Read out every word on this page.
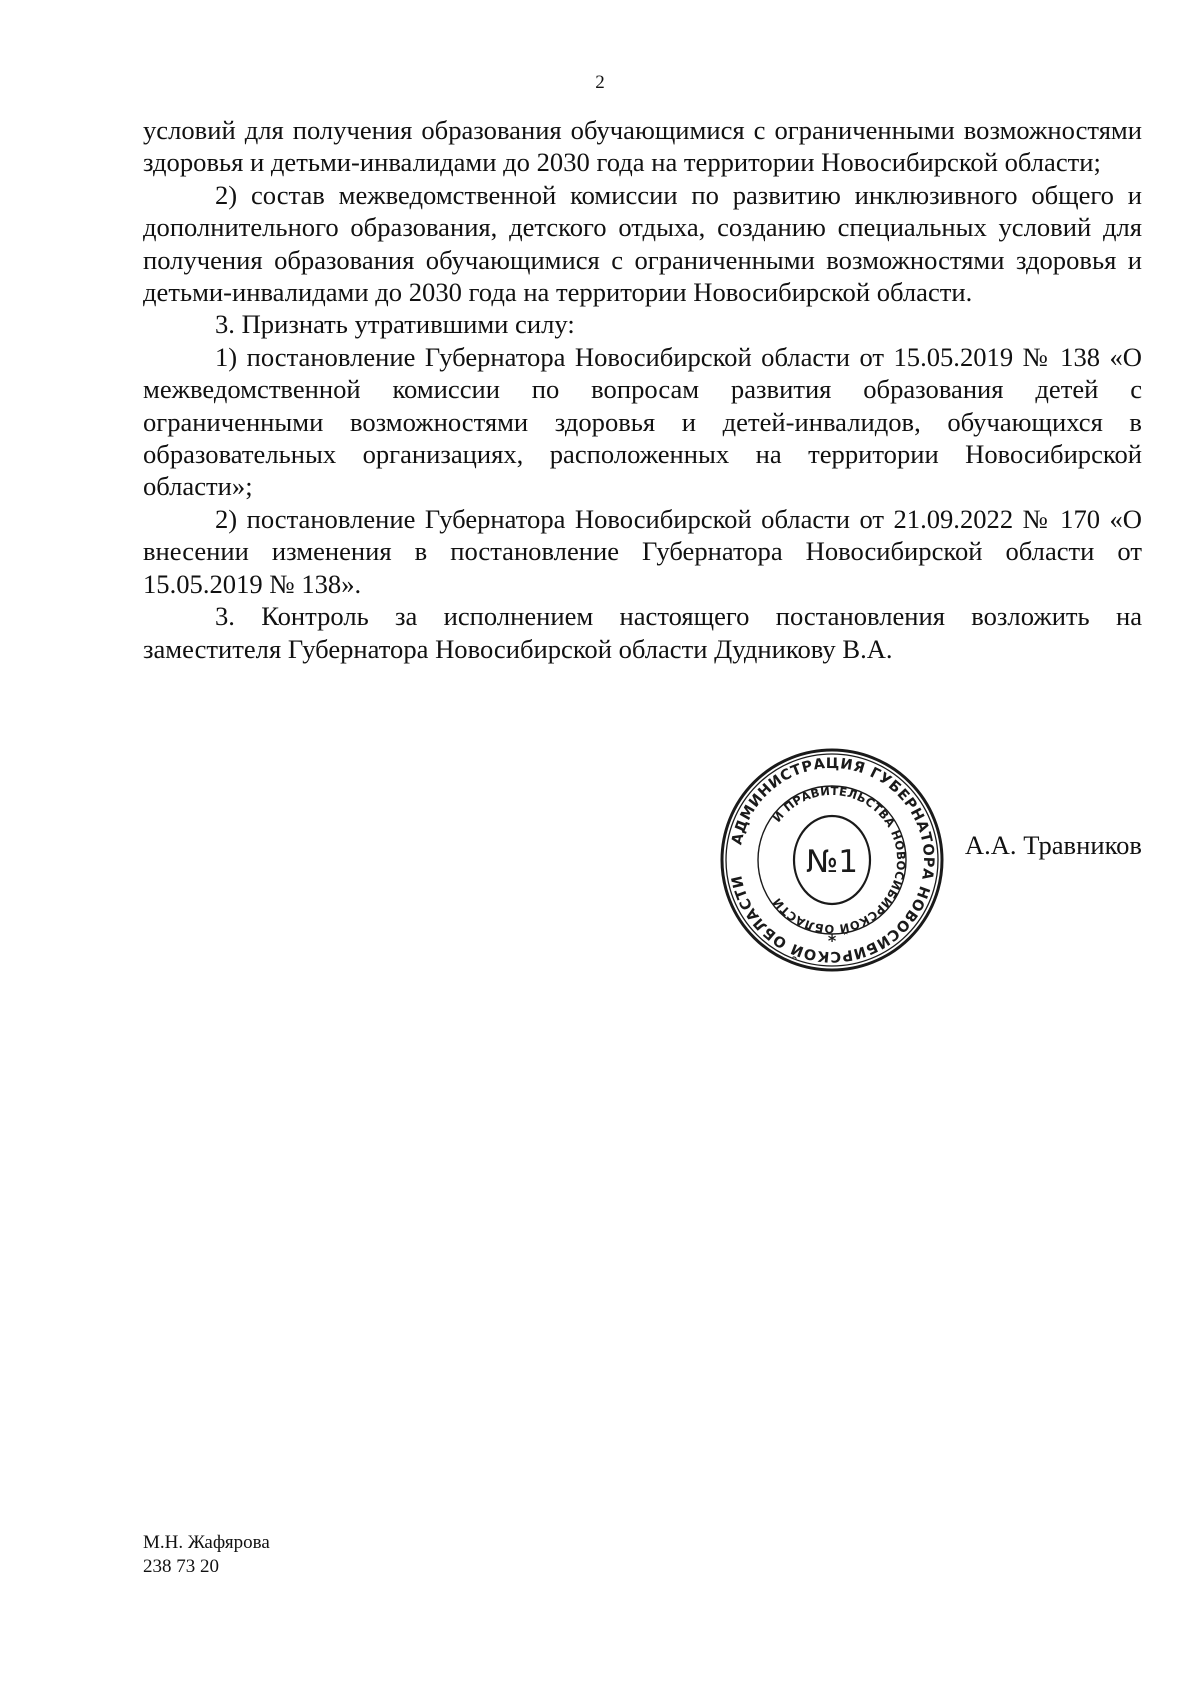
2

условий для получения образования обучающимися с ограниченными возможностями здоровья и детьми-инвалидами до 2030 года на территории Новосибирской области;

2) состав межведомственной комиссии по развитию инклюзивного общего и дополнительного образования, детского отдыха, созданию специальных условий для получения образования обучающимися с ограниченными возможностями здоровья и детьми-инвалидами до 2030 года на территории Новосибирской области.

3. Признать утратившими силу:

1) постановление Губернатора Новосибирской области от 15.05.2019 № 138 «О межведомственной комиссии по вопросам развития образования детей с ограниченными возможностями здоровья и детей-инвалидов, обучающихся в образовательных организациях, расположенных на территории Новосибирской области»;

2) постановление Губернатора Новосибирской области от 21.09.2022 № 170 «О внесении изменения в постановление Губернатора Новосибирской области от 15.05.2019 № 138».

3. Контроль за исполнением настоящего постановления возложить на заместителя Губернатора Новосибирской области Дудникову В.А.

АДМИНИСТРАЦИЯ ГУБЕРНАТОРА НОВОСИБИРСКОЙ ОБЛАСТИ
И ПРАВИТЕЛЬСТВА НОВОСИБИРСКОЙ ОБЛАСТИ
№1
*
А.А. Травников
М.Н. Жафярова
238 73 20
